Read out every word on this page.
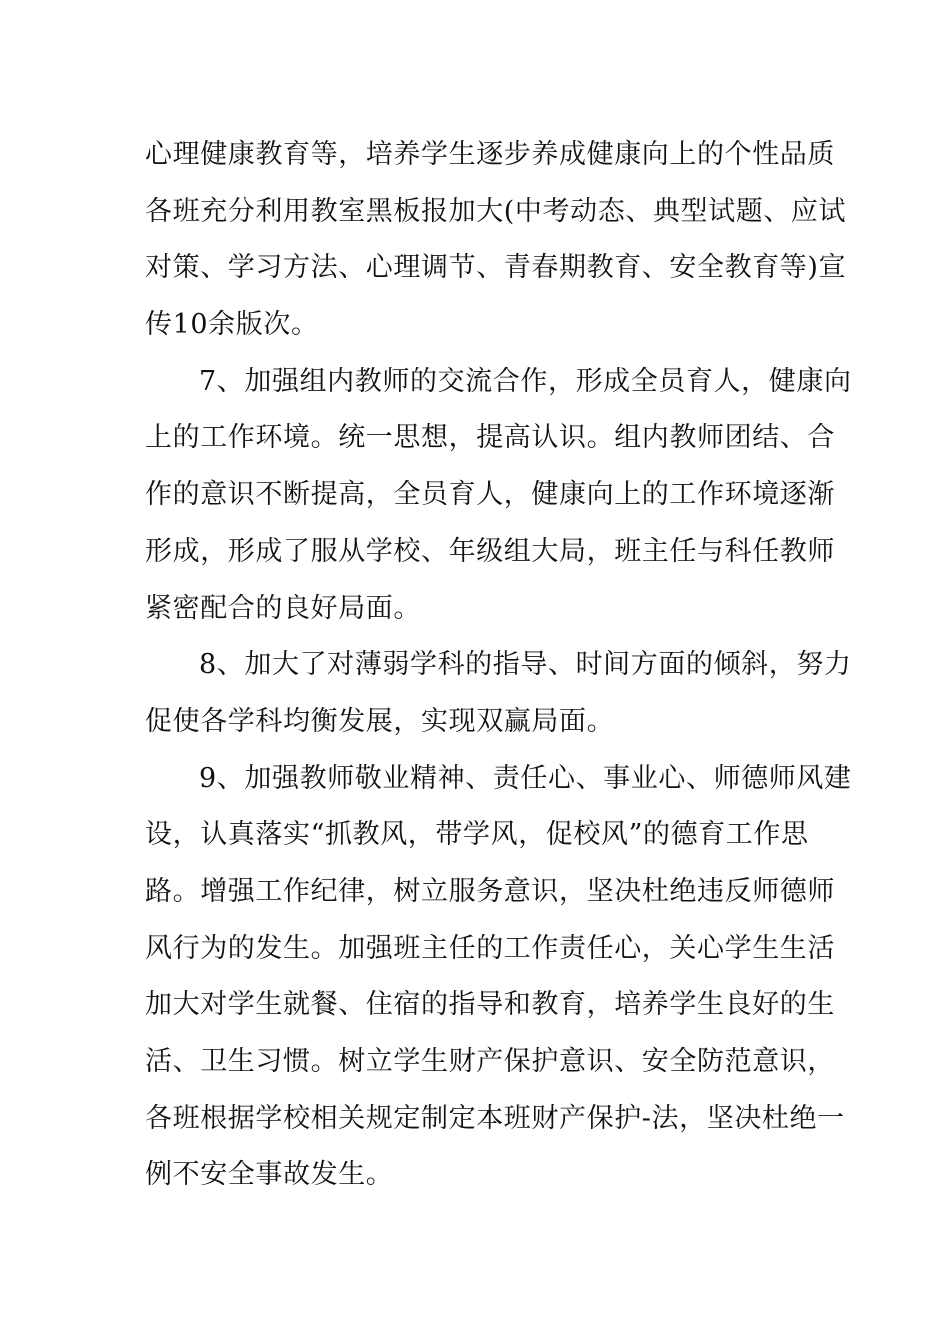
心理健康教育等，培养学生逐步养成健康向上的个性品质
各班充分利用教室黑板报加大(中考动态、典型试题、应试
对策、学习方法、心理调节、青春期教育、安全教育等)宣
传10余版次。
7、加强组内教师的交流合作，形成全员育人，健康向
上的工作环境。统一思想，提高认识。组内教师团结、合
作的意识不断提高，全员育人，健康向上的工作环境逐渐
形成，形成了服从学校、年级组大局，班主任与科任教师
紧密配合的良好局面。
8、加大了对薄弱学科的指导、时间方面的倾斜，努力
促使各学科均衡发展，实现双赢局面。
9、加强教师敬业精神、责任心、事业心、师德师风建
设，认真落实“抓教风，带学风，促校风”的德育工作思
路。增强工作纪律，树立服务意识，坚决杜绝违反师德师
风行为的发生。加强班主任的工作责任心，关心学生生活
加大对学生就餐、住宿的指导和教育，培养学生良好的生
活、卫生习惯。树立学生财产保护意识、安全防范意识，
各班根据学校相关规定制定本班财产保护-法，坚决杜绝一
例不安全事故发生。
